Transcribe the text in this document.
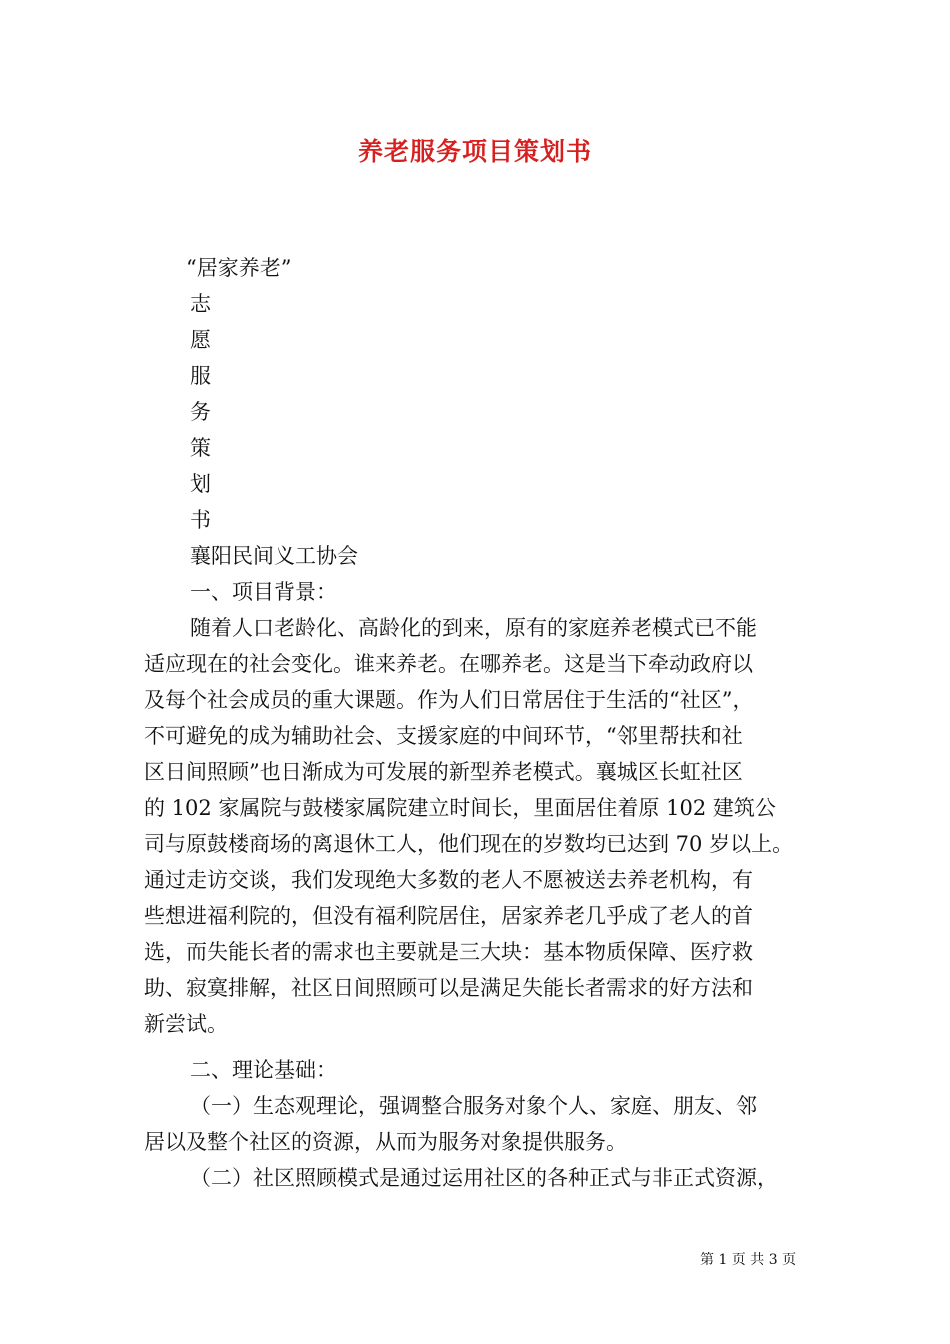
养老服务项目策划书
“居家养老”
志
愿
服
务
策
划
书
襄阳民间义工协会
一、项目背景：
随着人口老龄化、高龄化的到来，原有的家庭养老模式已不能
适应现在的社会变化。谁来养老。在哪养老。这是当下牵动政府以
及每个社会成员的重大课题。作为人们日常居住于生活的“社区”，
不可避免的成为辅助社会、支援家庭的中间环节，“邻里帮扶和社
区日间照顾”也日渐成为可发展的新型养老模式。襄城区长虹社区
的 102 家属院与鼓楼家属院建立时间长，里面居住着原 102 建筑公
司与原鼓楼商场的离退休工人，他们现在的岁数均已达到 70 岁以上。
通过走访交谈，我们发现绝大多数的老人不愿被送去养老机构，有
些想进福利院的，但没有福利院居住，居家养老几乎成了老人的首
选，而失能长者的需求也主要就是三大块：基本物质保障、医疗救
助、寂寞排解，社区日间照顾可以是满足失能长者需求的好方法和
新尝试。
二、理论基础：
（一）生态观理论，强调整合服务对象个人、家庭、朋友、邻
居以及整个社区的资源，从而为服务对象提供服务。
（二）社区照顾模式是通过运用社区的各种正式与非正式资源，
第 1 页 共 3 页
